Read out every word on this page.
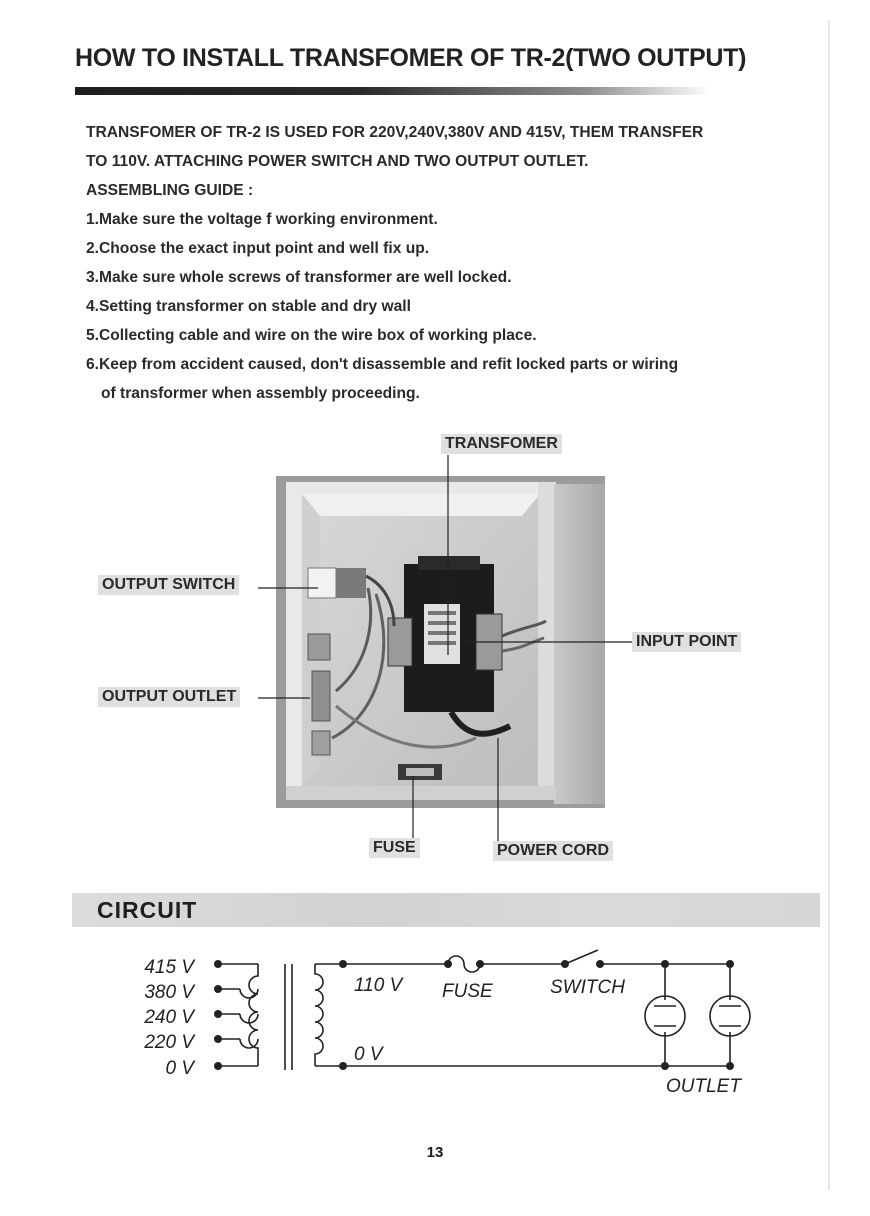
HOW TO INSTALL TRANSFOMER OF TR-2(TWO OUTPUT)
TRANSFOMER OF TR-2 IS USED FOR 220V,240V,380V AND 415V, THEM TRANSFER
TO 110V. ATTACHING POWER SWITCH AND TWO OUTPUT OUTLET.
ASSEMBLING GUIDE :
1.Make sure the voltage f working environment.
2.Choose the exact input point and well fix up.
3.Make sure whole screws of transformer are well locked.
4.Setting transformer on stable and dry wall
5.Collecting cable and wire on the wire box of working place.
6.Keep from accident caused, don't disassemble and refit locked parts or wiring
of transformer when assembly proceeding.
TRANSFOMER
OUTPUT SWITCH
INPUT POINT
OUTPUT OUTLET
FUSE	POWER CORD
CIRCUIT
415 V
380 V
240 V
220 V
0 V
110 V
0 V
FUSE	SWITCH
OUTLET
13
